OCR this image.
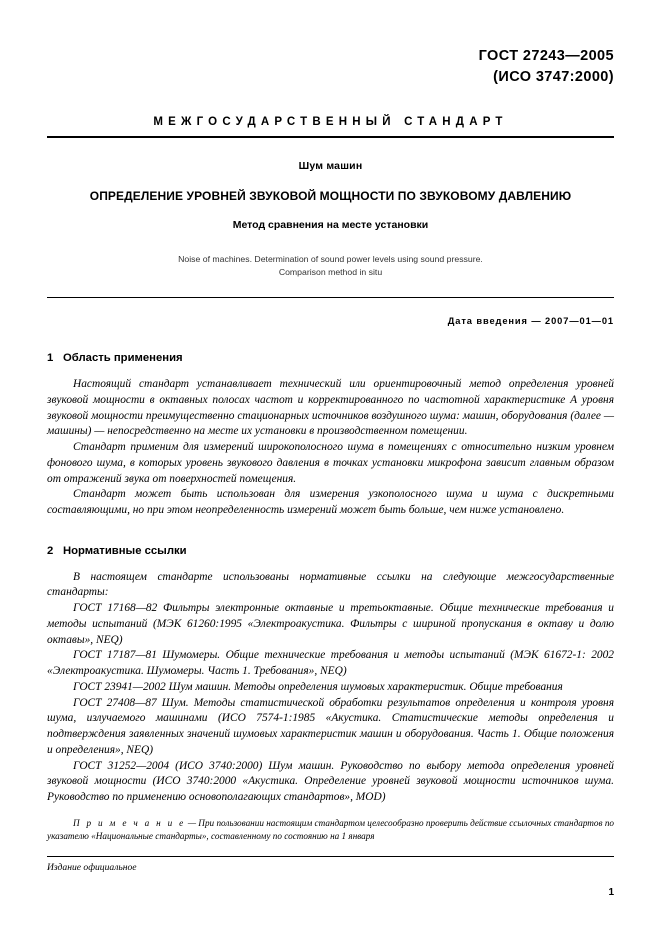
ГОСТ 27243—2005
(ИСО 3747:2000)
МЕЖГОСУДАРСТВЕННЫЙ СТАНДАРТ
Шум машин
ОПРЕДЕЛЕНИЕ УРОВНЕЙ ЗВУКОВОЙ МОЩНОСТИ ПО ЗВУКОВОМУ ДАВЛЕНИЮ
Метод сравнения на месте установки
Noise of machines. Determination of sound power levels using sound pressure.
Comparison method in situ
Дата введения — 2007—01—01
1 Область применения

Настоящий стандарт устанавливает технический или ориентировочный метод определения уровней звуковой мощности в октавных полосах частот и корректированного по частотной характеристике А уровня звуковой мощности преимущественно стационарных источников воздушного шума: машин, оборудования (далее — машины) — непосредственно на месте их установки в производственном помещении.

Стандарт применим для измерений широкополосного шума в помещениях с относительно низким уровнем фонового шума, в которых уровень звукового давления в точках установки микрофона зависит главным образом от отражений звука от поверхностей помещения.

Стандарт может быть использован для измерения узкополосного шума и шума с дискретными составляющими, но при этом неопределенность измерений может быть больше, чем ниже установлено.

2 Нормативные ссылки

В настоящем стандарте использованы нормативные ссылки на следующие межгосударственные стандарты:

ГОСТ 17168—82 Фильтры электронные октавные и третьоктавные. Общие технические требования и методы испытаний (МЭК 61260:1995 «Электроакустика. Фильтры с шириной пропускания в октаву и долю октавы», NEQ)

ГОСТ 17187—81 Шумомеры. Общие технические требования и методы испытаний (МЭК 61672-1: 2002 «Электроакустика. Шумомеры. Часть 1. Требования», NEQ)

ГОСТ 23941—2002 Шум машин. Методы определения шумовых характеристик. Общие требования

ГОСТ 27408—87 Шум. Методы статистической обработки результатов определения и контроля уровня шума, излучаемого машинами (ИСО 7574-1:1985 «Акустика. Статистические методы определения и подтверждения заявленных значений шумовых характеристик машин и оборудования. Часть 1. Общие положения и определения», NEQ)

ГОСТ 31252—2004 (ИСО 3740:2000) Шум машин. Руководство по выбору метода определения уровней звуковой мощности (ИСО 3740:2000 «Акустика. Определение уровней звуковой мощности источников шума. Руководство по применению основополагающих стандартов», MOD)

П р и м е ч а н и е — При пользовании настоящим стандартом целесообразно проверить действие ссылочных стандартов по указателю «Национальные стандарты», составленному по состоянию на 1 января

Издание официальное
1
